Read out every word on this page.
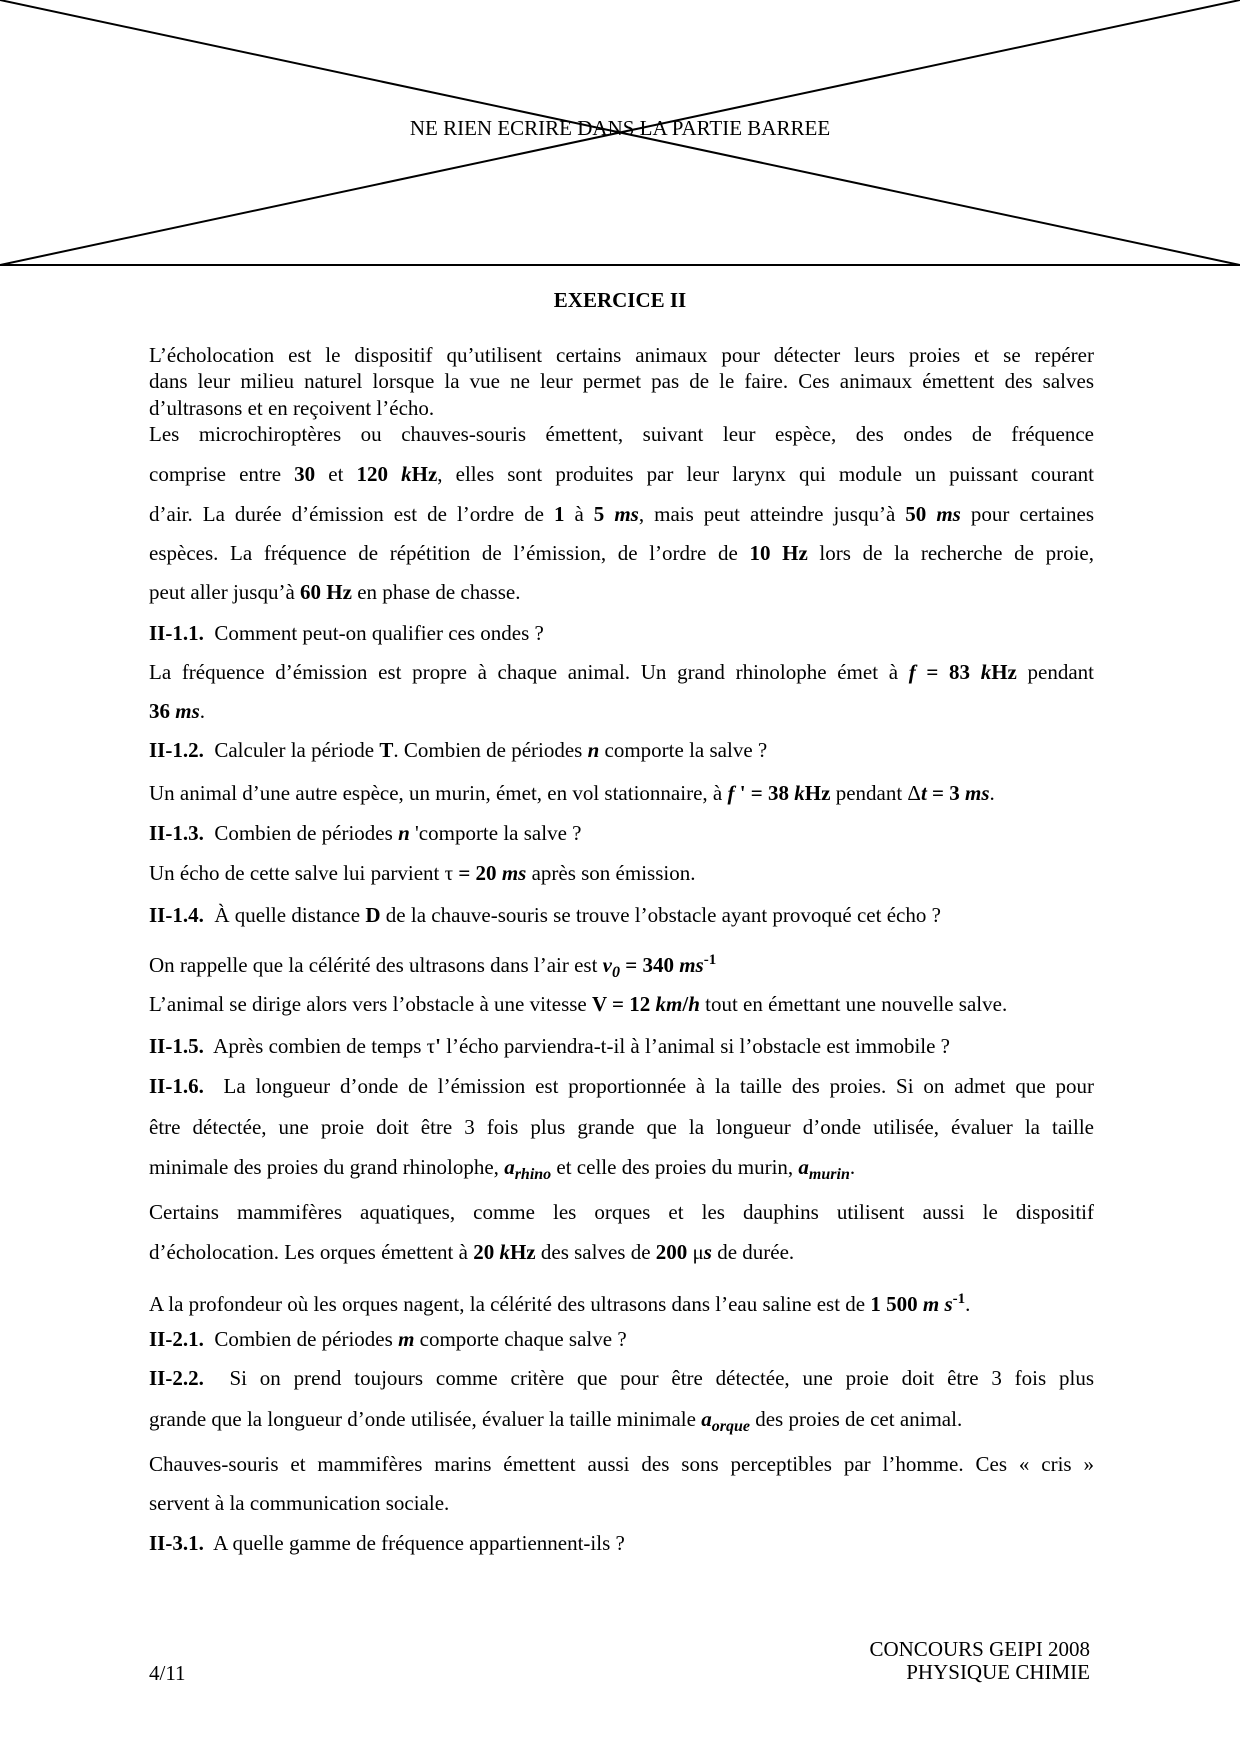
NE RIEN ECRIRE DANS LA PARTIE BARREE
EXERCICE II
L’écholocation est le dispositif qu’utilisent certains animaux pour détecter leurs proies et se repérer
dans leur milieu naturel lorsque la vue ne leur permet pas de le faire. Ces animaux émettent des salves
d’ultrasons et en reçoivent l’écho.
Les microchiroptères ou chauves-souris émettent, suivant leur espèce, des ondes de fréquence
comprise entre 30 et 120 kHz, elles sont produites par leur larynx qui module un puissant courant
d’air. La durée d’émission est de l’ordre de 1 à 5 ms, mais peut atteindre jusqu’à 50 ms pour certaines
espèces. La fréquence de répétition de l’émission, de l’ordre de 10 Hz lors de la recherche de proie,
peut aller jusqu’à 60 Hz en phase de chasse.
II-1.1.  Comment peut-on qualifier ces ondes ?
La fréquence d’émission est propre à chaque animal. Un grand rhinolophe émet à f = 83 kHz pendant
36 ms.
II-1.2.  Calculer la période T. Combien de périodes n comporte la salve ?
Un animal d’une autre espèce, un murin, émet, en vol stationnaire, à f ' = 38 kHz pendant Δt = 3 ms.
II-1.3.  Combien de périodes n 'comporte la salve ?
Un écho de cette salve lui parvient τ = 20 ms après son émission.
II-1.4.  À quelle distance D de la chauve-souris se trouve l’obstacle ayant provoqué cet écho ?
On rappelle que la célérité des ultrasons dans l’air est $v_0 = 340$ $ms^{-1}$
L’animal se dirige alors vers l’obstacle à une vitesse V = 12 km/h tout en émettant une nouvelle salve.
II-1.5.  Après combien de temps τ' l’écho parviendra-t-il à l’animal si l’obstacle est immobile ?
II-1.6.  La longueur d’onde de l’émission est proportionnée à la taille des proies. Si on admet que pour
être détectée, une proie doit être 3 fois plus grande que la longueur d’onde utilisée, évaluer la taille
minimale des proies du grand rhinolophe, $a_{rhino}$ et celle des proies du murin, $a_{murin}$.
Certains mammifères aquatiques, comme les orques et les dauphins utilisent aussi le dispositif
d’écholocation. Les orques émettent à 20 kHz des salves de 200 μs de durée.
A la profondeur où les orques nagent, la célérité des ultrasons dans l’eau saline est de 1 500 m $s^{-1}$.
II-2.1.  Combien de périodes m comporte chaque salve ?
II-2.2.  Si on prend toujours comme critère que pour être détectée, une proie doit être 3 fois plus
grande que la longueur d’onde utilisée, évaluer la taille minimale $a_{orque}$ des proies de cet animal.
Chauves-souris et mammifères marins émettent aussi des sons perceptibles par l’homme. Ces « cris »
servent à la communication sociale.
II-3.1.  A quelle gamme de fréquence appartiennent-ils ?
4/11
CONCOURS GEIPI 2008
PHYSIQUE CHIMIE
